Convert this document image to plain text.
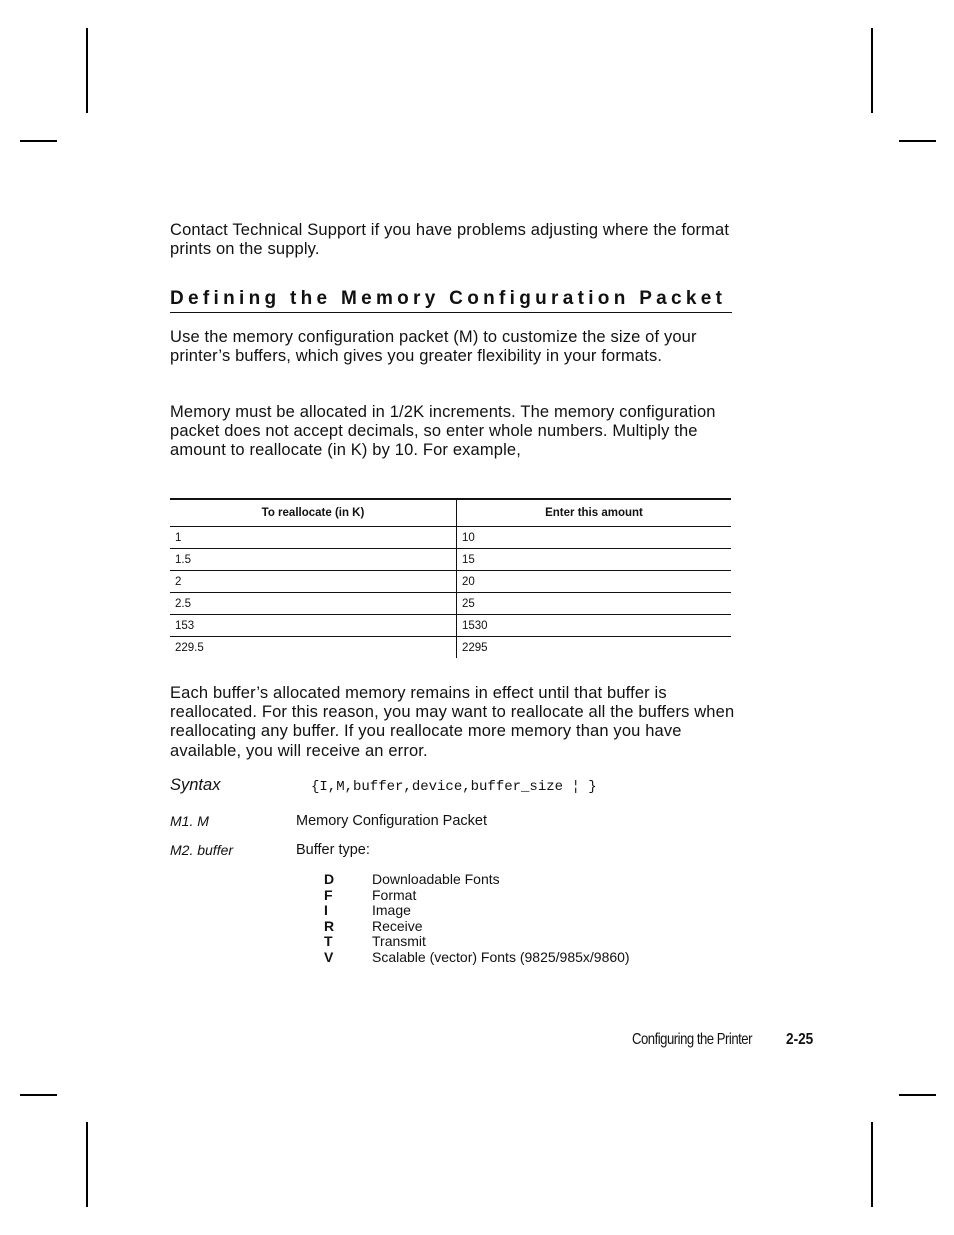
Contact Technical Support if you have problems adjusting where the format prints on the supply.

Defining the Memory Configuration Packet

Use the memory configuration packet (M) to customize the size of your printer’s buffers, which gives you greater flexibility in your formats.

Memory must be allocated in 1/2K increments. The memory configuration packet does not accept decimals, so enter whole numbers. Multiply the amount to reallocate (in K) by 10. For example,

To reallocate (in K)	Enter this amount
1	10
1.5	15
2	20
2.5	25
153	1530
229.5	2295

Each buffer’s allocated memory remains in effect until that buffer is reallocated. For this reason, you may want to reallocate all the buffers when reallocating any buffer. If you reallocate more memory than you have available, you will receive an error.

Syntax	{I,M,buffer,device,buffer_size ¦ }
M1. M	Memory Configuration Packet
M2. buffer	Buffer type:
D	Downloadable Fonts
F	Format
I	Image
R	Receive
T	Transmit
V	Scalable (vector) Fonts (9825/985x/9860)
Configuring the Printer 2-25
